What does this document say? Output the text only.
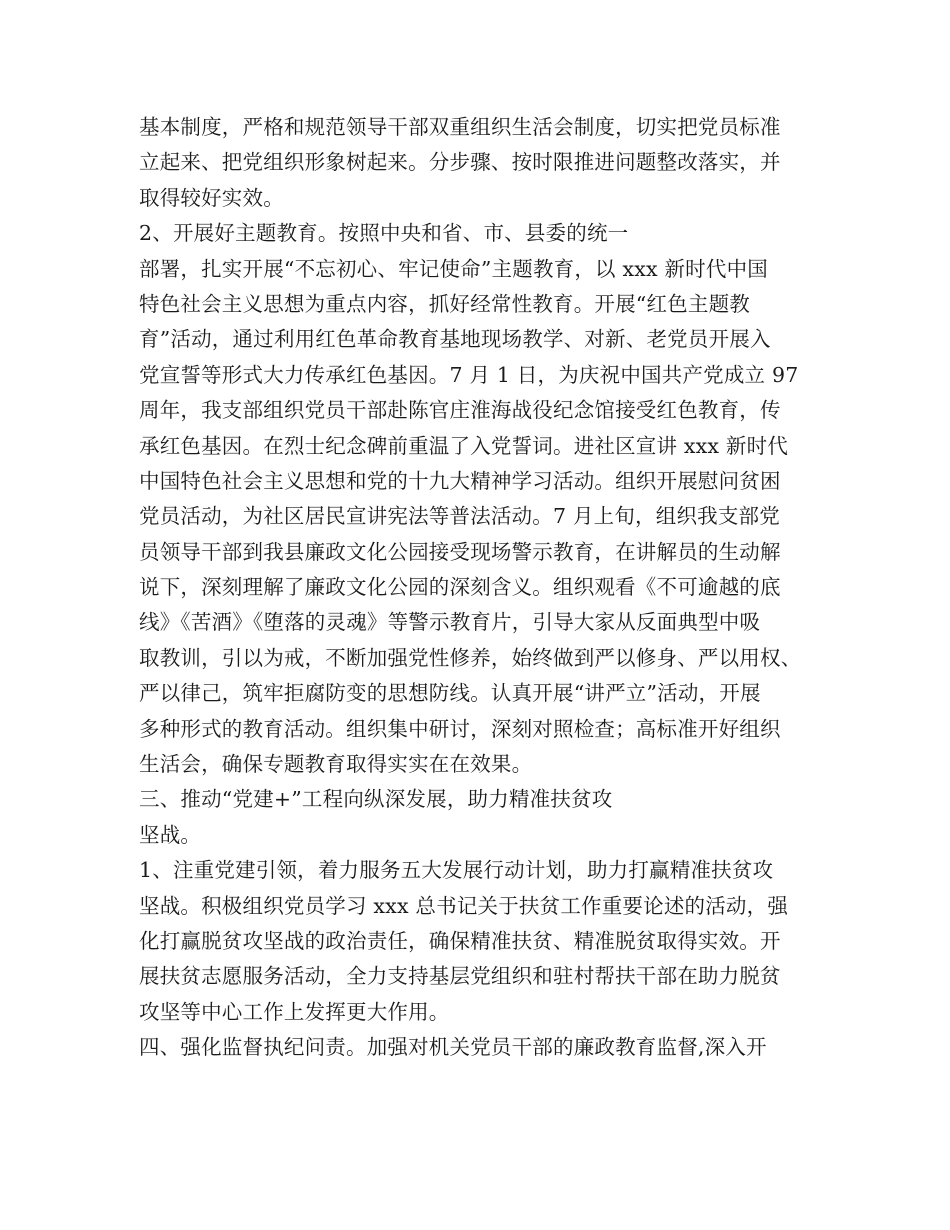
基本制度，严格和规范领导干部双重组织生活会制度，切实把党员标准
立起来、把党组织形象树起来。分步骤、按时限推进问题整改落实，并
取得较好实效。
2、开展好主题教育。按照中央和省、市、县委的统一
部署，扎实开展“不忘初心、牢记使命”主题教育，以 xxx 新时代中国
特色社会主义思想为重点内容，抓好经常性教育。开展“红色主题教
育”活动，通过利用红色革命教育基地现场教学、对新、老党员开展入
党宣誓等形式大力传承红色基因。7 月 1 日，为庆祝中国共产党成立 97
周年，我支部组织党员干部赴陈官庄淮海战役纪念馆接受红色教育，传
承红色基因。在烈士纪念碑前重温了入党誓词。进社区宣讲 xxx 新时代
中国特色社会主义思想和党的十九大精神学习活动。组织开展慰问贫困
党员活动，为社区居民宣讲宪法等普法活动。7 月上旬，组织我支部党
员领导干部到我县廉政文化公园接受现场警示教育，在讲解员的生动解
说下，深刻理解了廉政文化公园的深刻含义。组织观看《不可逾越的底
线》《苦酒》《堕落的灵魂》等警示教育片，引导大家从反面典型中吸
取教训，引以为戒，不断加强党性修养，始终做到严以修身、严以用权、
严以律己，筑牢拒腐防变的思想防线。认真开展“讲严立”活动，开展
多种形式的教育活动。组织集中研讨，深刻对照检查；高标准开好组织
生活会，确保专题教育取得实实在在效果。
三、推动“党建+”工程向纵深发展，助力精准扶贫攻
坚战。
1、注重党建引领，着力服务五大发展行动计划，助力打赢精准扶贫攻
坚战。积极组织党员学习 xxx 总书记关于扶贫工作重要论述的活动，强
化打赢脱贫攻坚战的政治责任，确保精准扶贫、精准脱贫取得实效。开
展扶贫志愿服务活动，全力支持基层党组织和驻村帮扶干部在助力脱贫
攻坚等中心工作上发挥更大作用。
四、强化监督执纪问责。加强对机关党员干部的廉政教育监督,深入开
